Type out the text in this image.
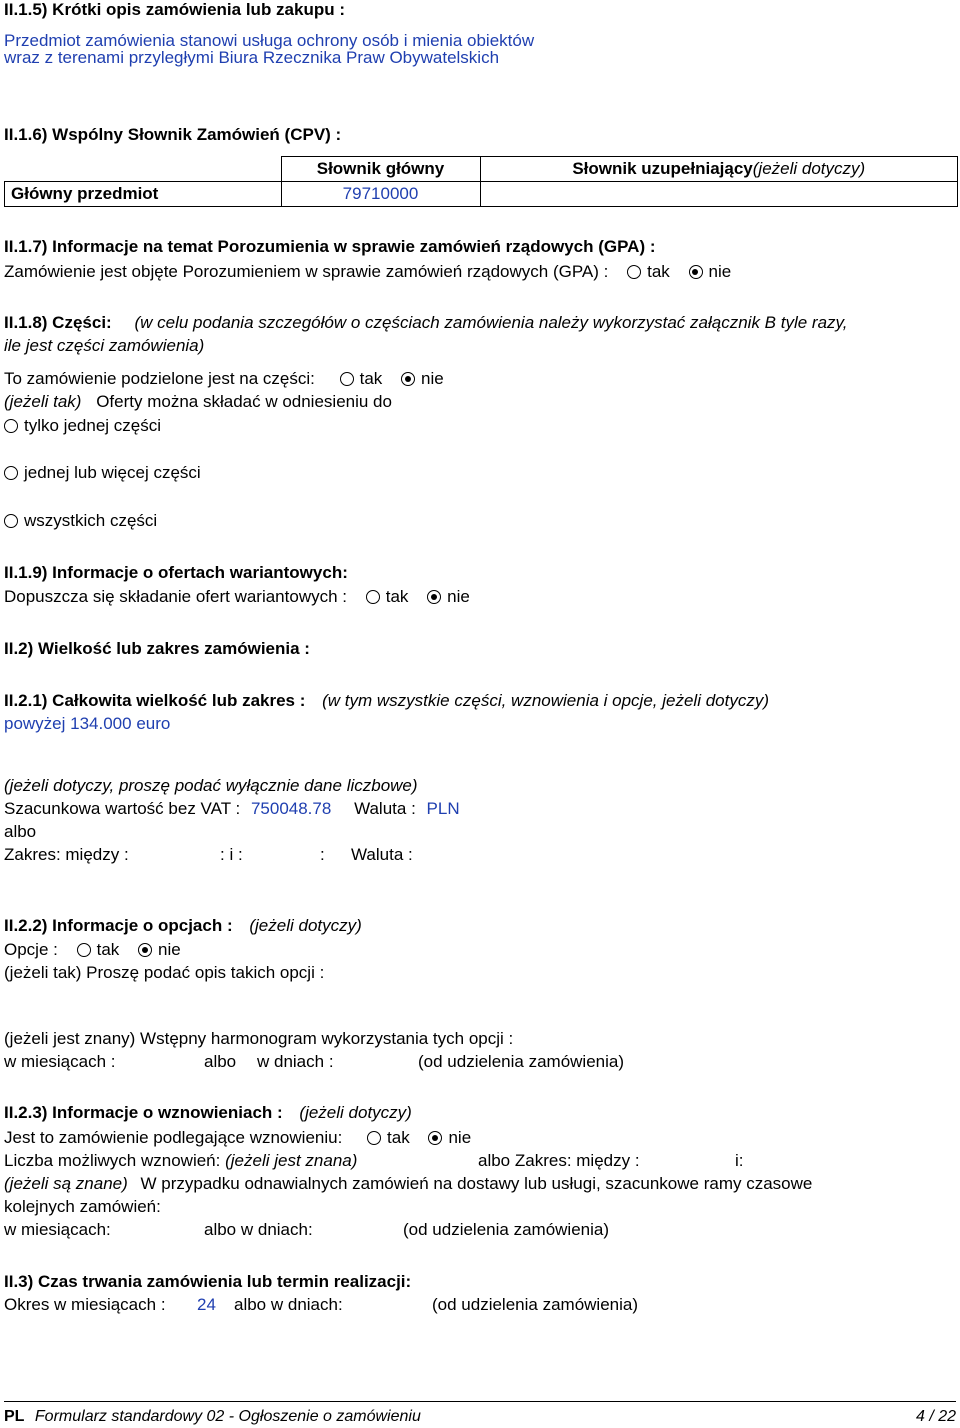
II.1.5) Krótki opis zamówienia lub zakupu :
Przedmiot zamówienia stanowi usługa ochrony osób i mienia obiektów
wraz z terenami przyległymi Biura Rzecznika Praw Obywatelskich
II.1.6) Wspólny Słownik Zamówień (CPV) :
	Słownik główny	Słownik uzupełniający(jeżeli dotyczy)
Główny przedmiot	79710000	
II.1.7) Informacje na temat Porozumienia w sprawie zamówień rządowych (GPA) :
Zamówienie jest objęte Porozumieniem w sprawie zamówień rządowych (GPA) : tak nie
II.1.8) Części: (w celu podania szczegółów o częściach zamówienia należy wykorzystać załącznik B tyle razy,
ile jest części zamówienia)
To zamówienie podzielone jest na części:	tak nie
(jeżeli tak) Oferty można składać w odniesieniu do
tylko jednej części
jednej lub więcej części
wszystkich części
II.1.9) Informacje o ofertach wariantowych:
Dopuszcza się składanie ofert wariantowych : tak nie
II.2) Wielkość lub zakres zamówienia :
II.2.1) Całkowita wielkość lub zakres : (w tym wszystkie części, wznowienia i opcje, jeżeli dotyczy)
powyżej 134.000 euro
(jeżeli dotyczy, proszę podać wyłącznie dane liczbowe)
Szacunkowa wartość bez VAT : 750048.78 Waluta : PLN
albo
Zakres: między :	: i :	: Waluta :
II.2.2) Informacje o opcjach : (jeżeli dotyczy)
Opcje : tak nie
(jeżeli tak) Proszę podać opis takich opcji :
(jeżeli jest znany) Wstępny harmonogram wykorzystania tych opcji :
w miesiącach :	albo w dniach :	(od udzielenia zamówienia)
II.2.3) Informacje o wznowieniach : (jeżeli dotyczy)
Jest to zamówienie podlegające wznowieniu:	tak nie
Liczba możliwych wznowień: (jeżeli jest znana)	albo Zakres: między :	i:
(jeżeli są znane) W przypadku odnawialnych zamówień na dostawy lub usługi, szacunkowe ramy czasowe
kolejnych zamówień:
w miesiącach:	albo w dniach:	(od udzielenia zamówienia)
II.3) Czas trwania zamówienia lub termin realizacji:
Okres w miesiącach : 24 albo w dniach:	(od udzielenia zamówienia)
PL Formularz standardowy 02 - Ogłoszenie o zamówieniu	4 / 22
